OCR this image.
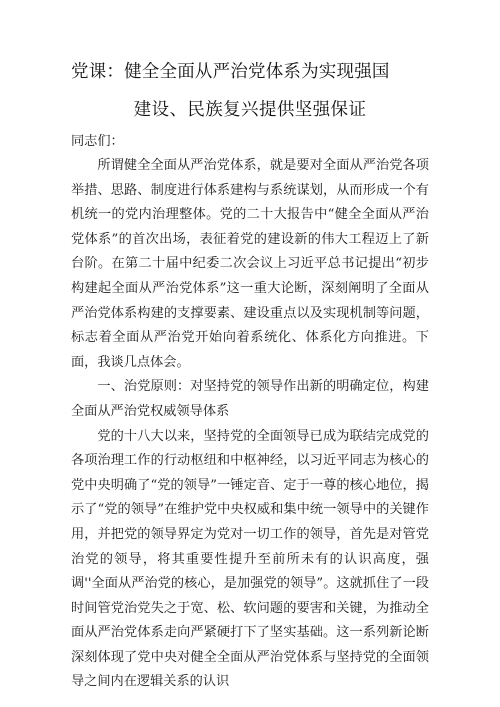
党课：健全全面从严治党体系为实现强国
建设、民族复兴提供坚强保证

同志们：

所谓健全全面从严治党体系，就是要对全面从严治党各项举措、思路、制度进行体系建构与系统谋划，从而形成一个有机统一的党内治理整体。党的二十大报告中“健全全面从严治党体系”的首次出场，表征着党的建设新的伟大工程迈上了新台阶。在第二十届中纪委二次会议上习近平总书记提出“初步构建起全面从严治党体系”这一重大论断，深刻阐明了全面从严治党体系构建的支撑要素、建设重点以及实现机制等问题，标志着全面从严治党开始向着系统化、体系化方向推进。下面，我谈几点体会。

一、治党原则：对坚持党的领导作出新的明确定位，构建全面从严治党权威领导体系

党的十八大以来，坚持党的全面领导已成为联结完成党的各项治理工作的行动枢纽和中枢神经，以习近平同志为核心的党中央明确了“党的领导”一锤定音、定于一尊的核心地位，揭示了“党的领导”在维护党中央权威和集中统一领导中的关键作用，并把党的领导界定为党对一切工作的领导，首先是对管党治党的领导，将其重要性提升至前所未有的认识高度，强调''全面从严治党的核心，是加强党的领导”。这就抓住了一段时间管党治党失之于宽、松、软问题的要害和关键，为推动全面从严治党体系走向严紧硬打下了坚实基础。这一系列新论断深刻体现了党中央对健全全面从严治党体系与坚持党的全面领导之间内在逻辑关系的认识
